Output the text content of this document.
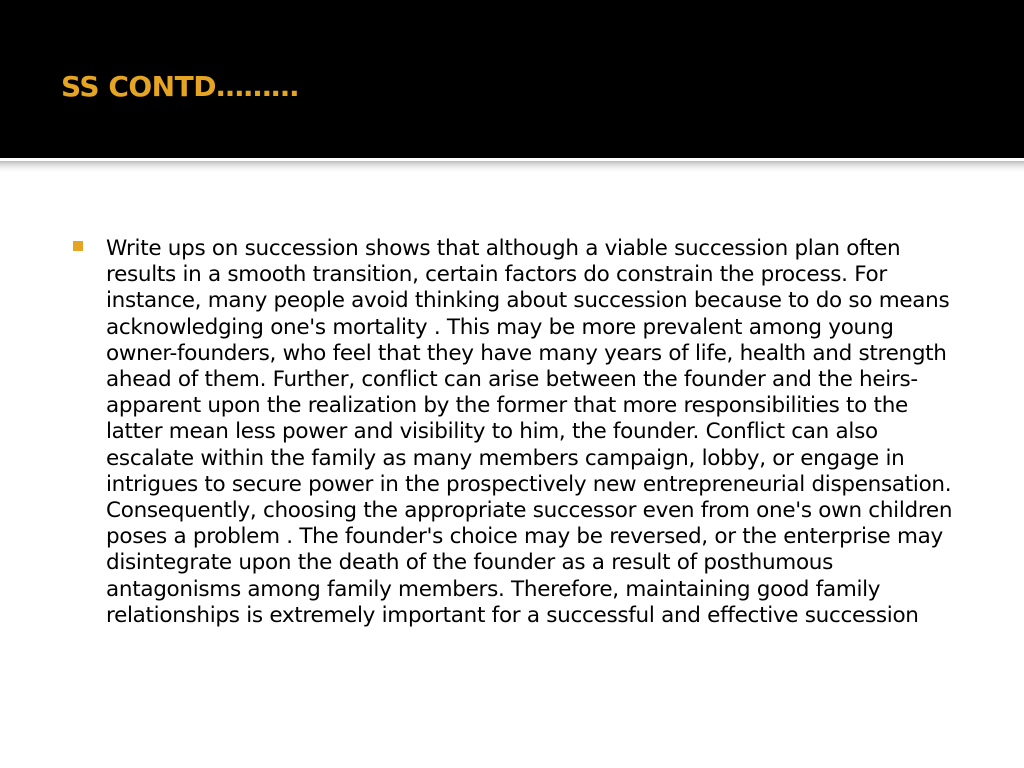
SS CONTD………

Write ups on succession shows that although a viable succession plan often results in a smooth transition, certain factors do constrain the process. For instance, many people avoid thinking about succession because to do so means acknowledging one's mortality . This may be more prevalent among young owner-founders, who feel that they have many years of life, health and strength ahead of them. Further, conflict can arise between the founder and the heirs-apparent upon the realization by the former that more responsibilities to the latter mean less power and visibility to him, the founder. Conflict can also escalate within the family as many members campaign, lobby, or engage in intrigues to secure power in the prospectively new entrepreneurial dispensation. Consequently, choosing the appropriate successor even from one's own children poses a problem . The founder's choice may be reversed, or the enterprise may disintegrate upon the death of the founder as a result of posthumous antagonisms among family members. Therefore, maintaining good family relationships is extremely important for a successful and effective succession
